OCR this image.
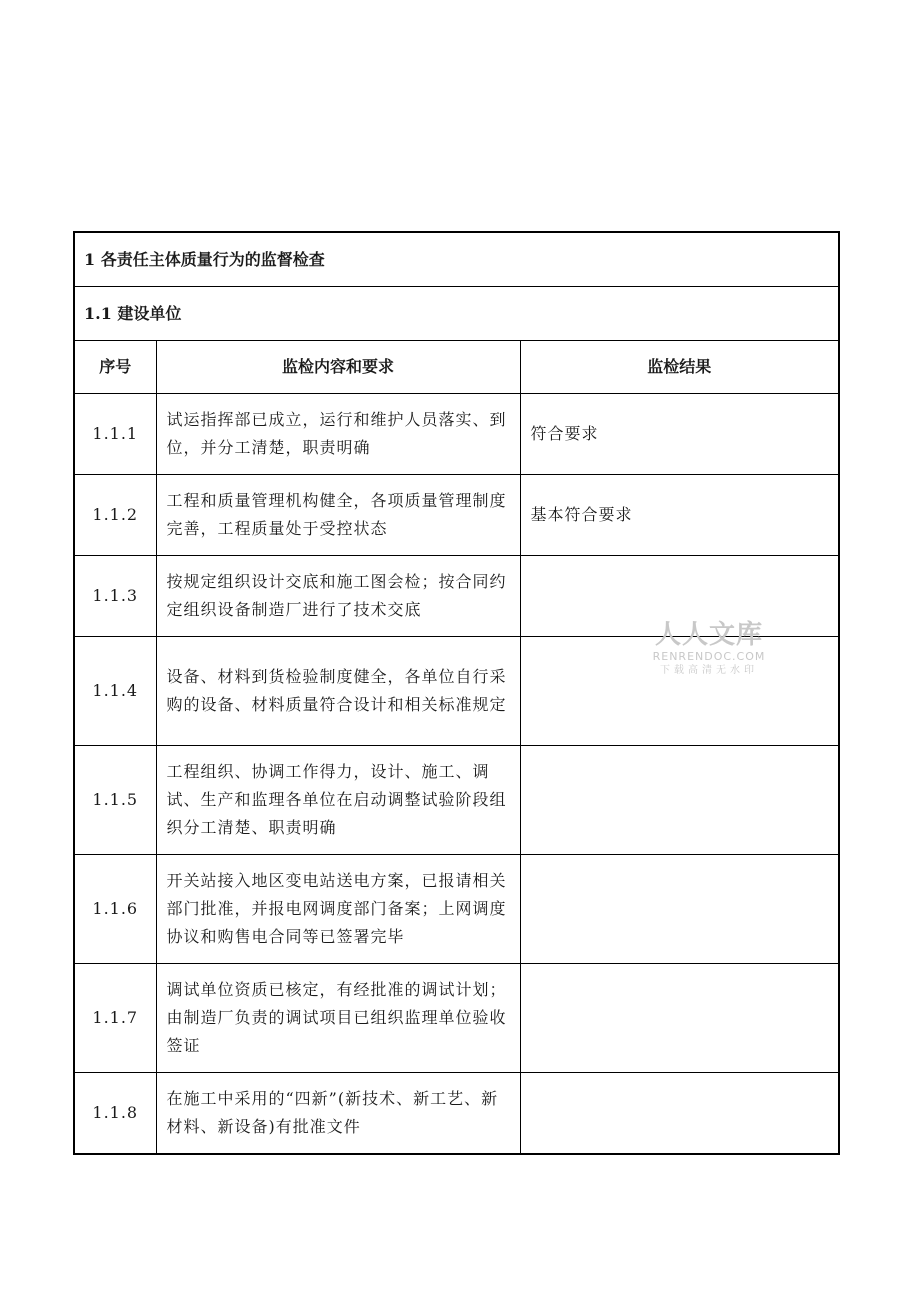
1 各责任主体质量行为的监督检查		
1.1 建设单位		
序号	监检内容和要求	监检结果
1.1.1	试运指挥部已成立，运行和维护人员落实、到位，并分工清楚，职责明确	符合要求
1.1.2	工程和质量管理机构健全，各项质量管理制度完善，工程质量处于受控状态	基本符合要求
1.1.3	按规定组织设计交底和施工图会检；按合同约定组织设备制造厂进行了技术交底	
1.1.4	设备、材料到货检验制度健全，各单位自行采购的设备、材料质量符合设计和相关标准规定	
1.1.5	工程组织、协调工作得力，设计、施工、调试、生产和监理各单位在启动调整试验阶段组织分工清楚、职责明确	
1.1.6	开关站接入地区变电站送电方案，已报请相关部门批准，并报电网调度部门备案；上网调度协议和购售电合同等已签署完毕	
1.1.7	调试单位资质已核定，有经批准的调试计划；由制造厂负责的调试项目已组织监理单位验收签证	
1.1.8	在施工中采用的“四新”(新技术、新工艺、新材料、新设备)有批准文件	
人人文库
RENRENDOC.COM
下载高清无水印
